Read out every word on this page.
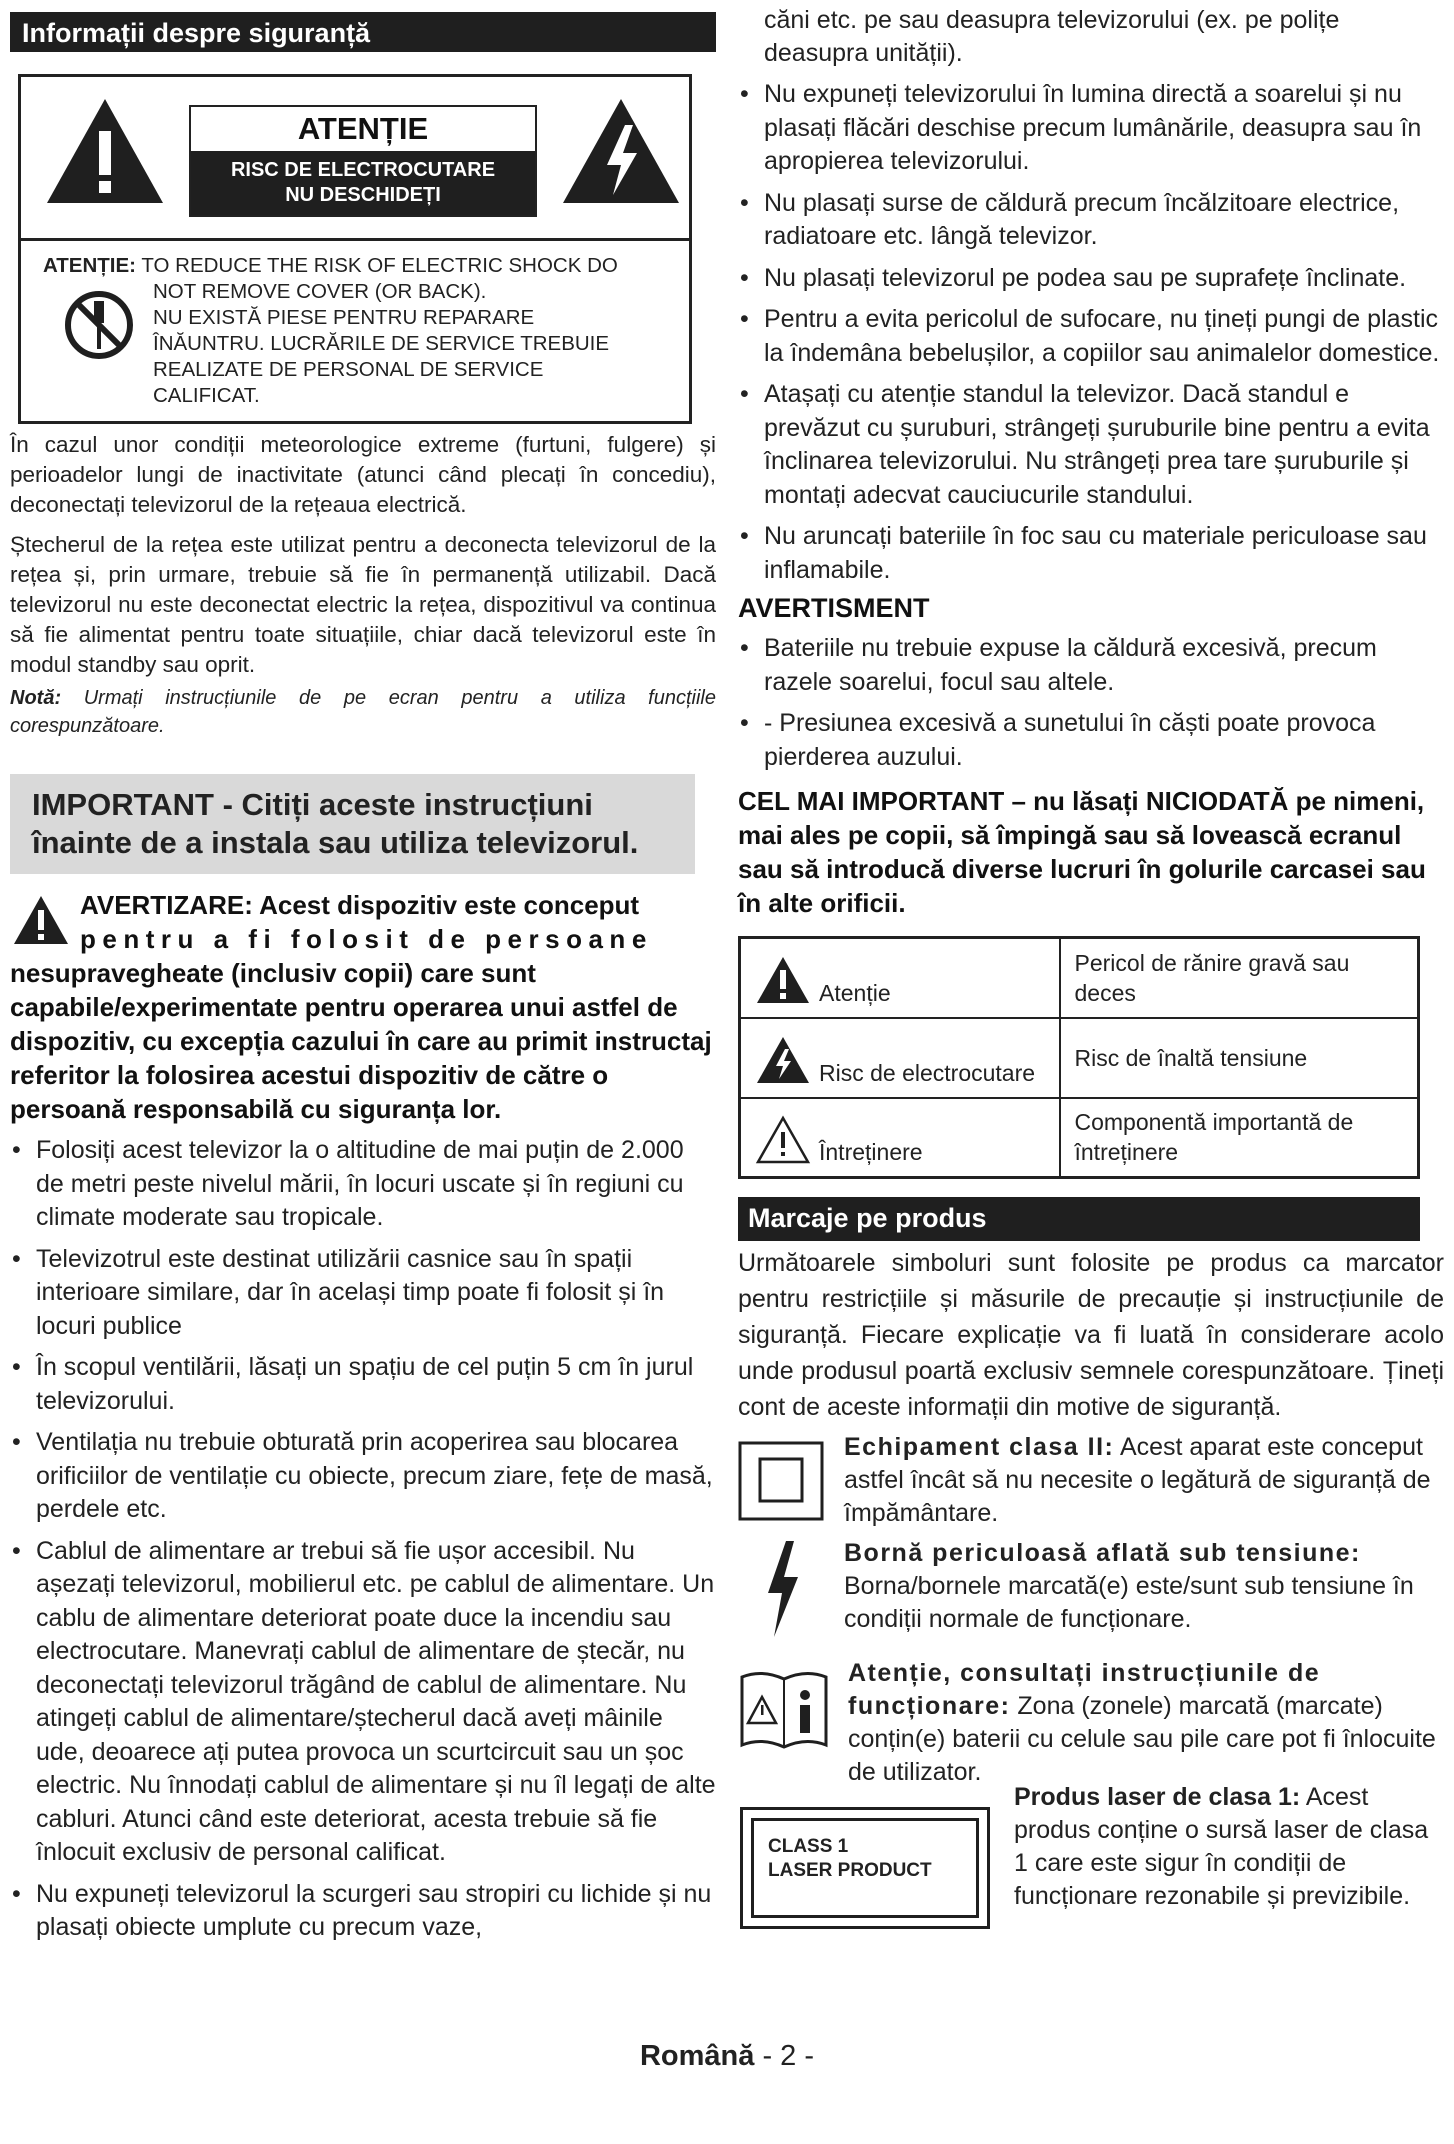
Informații despre siguranță
ATENȚIE
RISC DE ELECTROCUTARE
NU DESCHIDEȚI
ATENȚIE: TO REDUCE THE RISK OF ELECTRIC SHOCK DO
NOT REMOVE COVER (OR BACK).
NU EXISTĂ PIESE PENTRU REPARARE
ÎNĂUNTRU. LUCRĂRILE DE SERVICE TREBUIE
REALIZATE DE PERSONAL DE SERVICE
CALIFICAT.

În cazul unor condiții meteorologice extreme (furtuni, fulgere) și perioadelor lungi de inactivitate (atunci când plecați în concediu), deconectați televizorul de la rețeaua electrică.

Ștecherul de la rețea este utilizat pentru a deconecta televizorul de la rețea și, prin urmare, trebuie să fie în permanență utilizabil. Dacă televizorul nu este deconectat electric la rețea, dispozitivul va continua să fie alimentat pentru toate situațiile, chiar dacă televizorul este în modul standby sau oprit.

Notă: Urmați instrucțiunile de pe ecran pentru a utiliza funcțiile corespunzătoare.

IMPORTANT - Citiți aceste instrucțiuni
înainte de a instala sau utiliza televizorul.
AVERTIZARE: Acest dispozitiv este conceput
pentru a fi folosit de persoane
nesupravegheate (inclusiv copii) care sunt capabile/experimentate pentru operarea unui astfel de dispozitiv, cu excepția cazului în care au primit instructaj referitor la folosirea acestui dispozitiv de către o persoană responsabilă cu siguranța lor.
• Folosiți acest televizor la o altitudine de mai puțin de 2.000 de metri peste nivelul mării, în locuri uscate și în regiuni cu climate moderate sau tropicale.
• Televizotrul este destinat utilizării casnice sau în spații interioare similare, dar în același timp poate fi folosit și în locuri publice
• În scopul ventilării, lăsați un spațiu de cel puțin 5 cm în jurul televizorului.
• Ventilația nu trebuie obturată prin acoperirea sau blocarea orificiilor de ventilație cu obiecte, precum ziare, fețe de masă, perdele etc.
• Cablul de alimentare ar trebui să fie ușor accesibil. Nu așezați televizorul, mobilierul etc. pe cablul de alimentare. Un cablu de alimentare deteriorat poate duce la incendiu sau electrocutare. Manevrați cablul de alimentare de ștecăr, nu deconectați televizorul trăgând de cablul de alimentare. Nu atingeți cablul de alimentare/ștecherul dacă aveți mâinile ude, deoarece ați putea provoca un scurtcircuit sau un șoc electric. Nu înnodați cablul de alimentare și nu îl legați de alte cabluri. Atunci când este deteriorat, acesta trebuie să fie înlocuit exclusiv de personal calificat.
• Nu expuneți televizorul la scurgeri sau stropiri cu lichide și nu plasați obiecte umplute cu precum vaze,

căni etc. pe sau deasupra televizorului (ex. pe polițe deasupra unității).

• Nu expuneți televizorului în lumina directă a soarelui și nu plasați flăcări deschise precum lumânările, deasupra sau în apropierea televizorului.
• Nu plasați surse de căldură precum încălzitoare electrice, radiatoare etc. lângă televizor.
• Nu plasați televizorul pe podea sau pe suprafețe înclinate.
• Pentru a evita pericolul de sufocare, nu țineți pungi de plastic la îndemâna bebelușilor, a copiilor sau animalelor domestice.
• Atașați cu atenție standul la televizor. Dacă standul e prevăzut cu șuruburi, strângeți șuruburile bine pentru a evita înclinarea televizorului. Nu strângeți prea tare șuruburile și montați adecvat cauciucurile standului.
• Nu aruncați bateriile în foc sau cu materiale periculoase sau inflamabile.
AVERTISMENT
• Bateriile nu trebuie expuse la căldură excesivă, precum razele soarelui, focul sau altele.
• - Presiunea excesivă a sunetului în căști poate provoca pierderea auzului.
CEL MAI IMPORTANT – nu lăsați NICIODATĂ pe nimeni, mai ales pe copii, să împingă sau să lovească ecranul sau să introducă diverse lucruri în golurile carcasei sau în alte orificii.
Atenție	Pericol de rănire gravă sau deces

Risc de electrocutare	Risc de înaltă tensiune

Întreținere	Componentă importantă de întreținere
Marcaje pe produs

Următoarele simboluri sunt folosite pe produs ca marcator pentru restricțiile și măsurile de precauție și instrucțiunile de siguranță. Fiecare explicație va fi luată în considerare acolo unde produsul poartă exclusiv semnele corespunzătoare. Țineți cont de aceste informații din motive de siguranță.

Echipament clasa II: Acest aparat este conceput astfel încât să nu necesite o legătură de siguranță de împământare.
Bornă periculoasă aflată sub tensiune: Borna/bornele marcată(e) este/sunt sub tensiune în condiții normale de funcționare.
Atenție, consultați instrucțiunile de funcționare: Zona (zonele) marcată (marcate) conțin(e) baterii cu celule sau pile care pot fi înlocuite de utilizator.
CLASS 1
LASER PRODUCT
Produs laser de clasa 1: Acest produs conține o sursă laser de clasa 1 care este sigur în condiții de funcționare rezonabile și previzibile.
Română - 2 -
